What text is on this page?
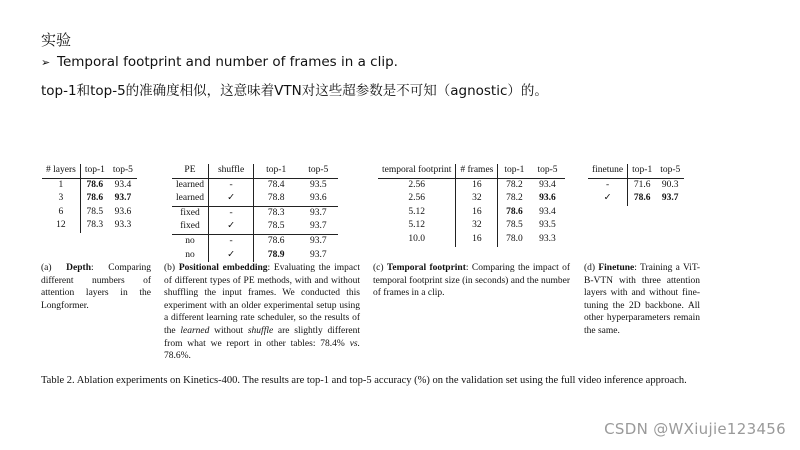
实验
➢ Temporal footprint and number of frames in a clip.
top-1和top-5的准确度相似，这意味着VTN对这些超参数是不可知（agnostic）的。
# layers	top-1	top-5
1	78.6	93.4
3	78.6	93.7
6	78.5	93.6
12	78.3	93.3
(a) Depth: Comparing different numbers of attention layers in the Longformer.
PE	shuffle	top-1	top-5
learned	-	78.4	93.5
learned	✓	78.8	93.6
fixed	-	78.3	93.7
fixed	✓	78.5	93.7
no	-	78.6	93.7
no	✓	78.9	93.7
(b) Positional embedding: Evaluating the impact of different types of PE methods, with and without shuffling the input frames. We conducted this experiment with an older experimental setup using a different learning rate scheduler, so the results of the learned without shuffle are slightly different from what we report in other tables: 78.4% vs. 78.6%.
temporal footprint	# frames	top-1	top-5
2.56	16	78.2	93.4
2.56	32	78.2	93.6
5.12	16	78.6	93.4
5.12	32	78.5	93.5
10.0	16	78.0	93.3
(c) Temporal footprint: Comparing the impact of temporal footprint size (in seconds) and the number of frames in a clip.
finetune	top-1	top-5
-	71.6	90.3
✓	78.6	93.7
(d) Finetune: Training a ViT-B-VTN with three attention layers with and without fine-tuning the 2D backbone. All other hyperparameters remain the same.
Table 2. Ablation experiments on Kinetics-400. The results are top-1 and top-5 accuracy (%) on the validation set using the full video inference approach.
CSDN @WXiujie123456
